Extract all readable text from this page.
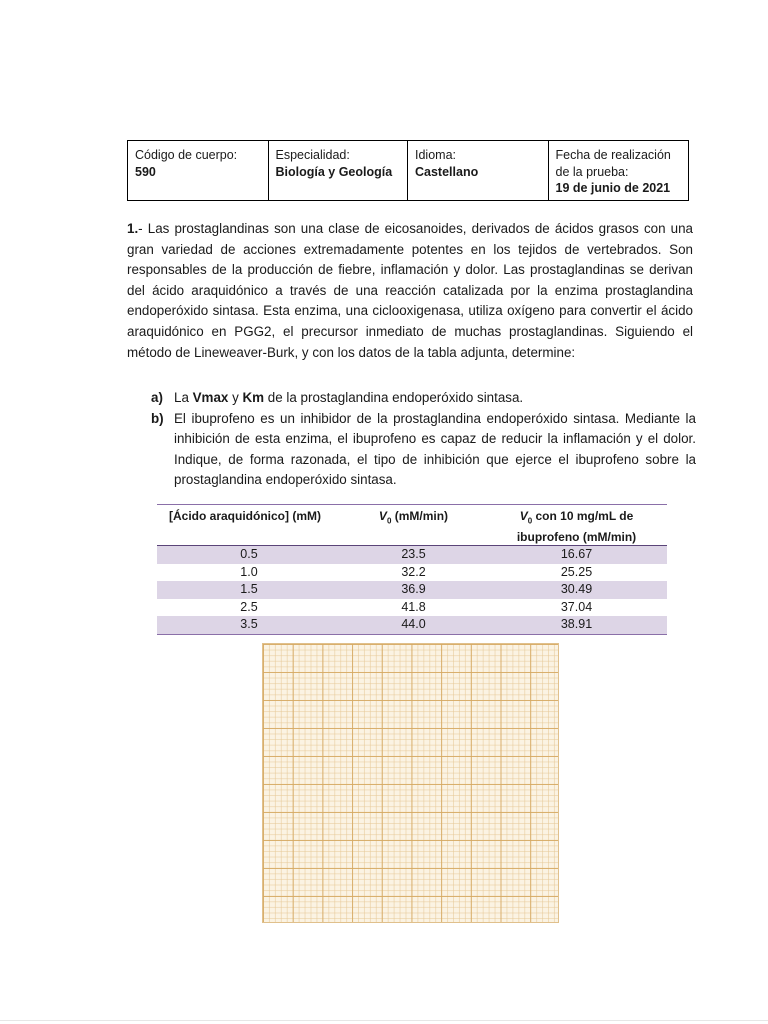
Código de cuerpo:
590
Especialidad:
Biología y Geología
Idioma:
Castellano
Fecha de realización
de la prueba:
19 de junio de 2021
1.- Las prostaglandinas son una clase de eicosanoides, derivados de ácidos grasos con una gran variedad de acciones extremadamente potentes en los tejidos de vertebrados. Son responsables de la producción de fiebre, inflamación y dolor. Las prostaglandinas se derivan del ácido araquidónico a través de una reacción catalizada por la enzima prostaglandina endoperóxido sintasa. Esta enzima, una ciclooxigenasa, utiliza oxígeno para convertir el ácido araquidónico en PGG2, el precursor inmediato de muchas prostaglandinas. Siguiendo el método de Lineweaver-Burk, y con los datos de la tabla adjunta, determine:
a) La Vmax y Km de la prostaglandina endoperóxido sintasa.
b) El ibuprofeno es un inhibidor de la prostaglandina endoperóxido sintasa. Mediante la inhibición de esta enzima, el ibuprofeno es capaz de reducir la inflamación y el dolor. Indique, de forma razonada, el tipo de inhibición que ejerce el ibuprofeno sobre la prostaglandina endoperóxido sintasa.
[Ácido araquidónico] (mM)	$V_0$ (mM/min)	$V_0$ con 10 mg/mL de
ibuprofeno (mM/min)
0.5	23.5	16.67
1.0	32.2	25.25
1.5	36.9	30.49
2.5	41.8	37.04
3.5	44.0	38.91
